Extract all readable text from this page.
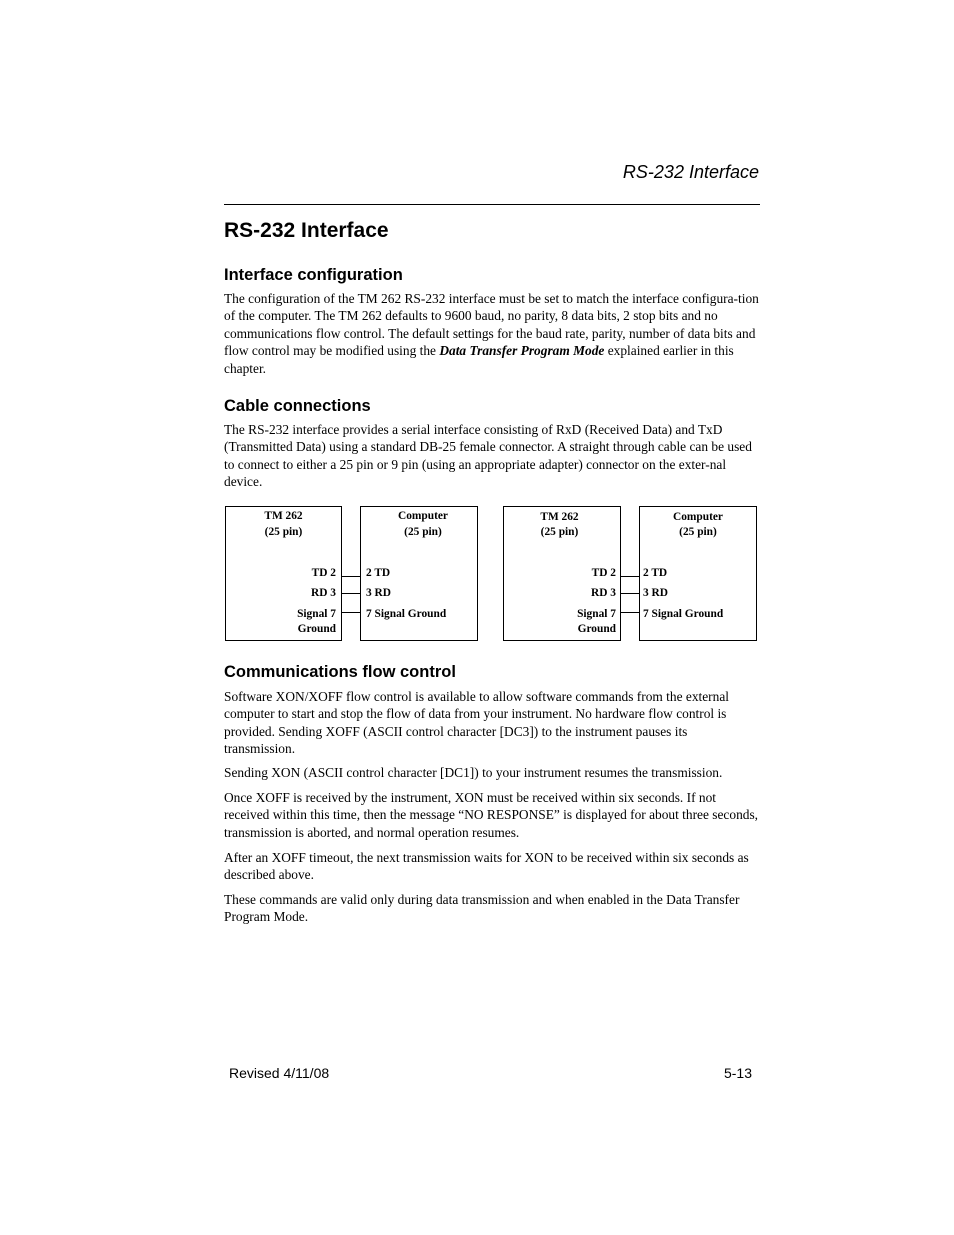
RS-232 Interface
RS-232 Interface
Interface configuration

The configuration of the TM 262 RS-232 interface must be set to match the interface configura-tion of the computer. The TM 262 defaults to 9600 baud, no parity, 8 data bits, 2 stop bits and no communications flow control. The default settings for the baud rate, parity, number of data bits and flow control may be modified using the Data Transfer Program Mode explained earlier in this chapter.

Cable connections

The RS-232 interface provides a serial interface consisting of RxD (Received Data) and TxD (Transmitted Data) using a standard DB-25 female connector. A straight through cable can be used to connect to either a 25 pin or 9 pin (using an appropriate adapter) connector on the exter-nal device.

TM 262
(25 pin)
TD 2
RD 3
Signal 7
Ground
Computer
(25 pin)
2 TD
3 RD
7 Signal Ground
TM 262
(25 pin)
TD 2
RD 3
Signal 7
Ground
Computer
(25 pin)
2 TD
3 RD
7 Signal Ground
Communications flow control

Software XON/XOFF flow control is available to allow software commands from the external computer to start and stop the flow of data from your instrument. No hardware flow control is provided. Sending XOFF (ASCII control character [DC3]) to the instrument pauses its transmission.

Sending XON (ASCII control character [DC1]) to your instrument resumes the transmission.

Once XOFF is received by the instrument, XON must be received within six seconds. If not received within this time, then the message “NO RESPONSE” is displayed for about three seconds, transmission is aborted, and normal operation resumes.

After an XOFF timeout, the next transmission waits for XON to be received within six seconds as described above.

These commands are valid only during data transmission and when enabled in the Data Transfer Program Mode.

Revised 4/11/08	5-13
